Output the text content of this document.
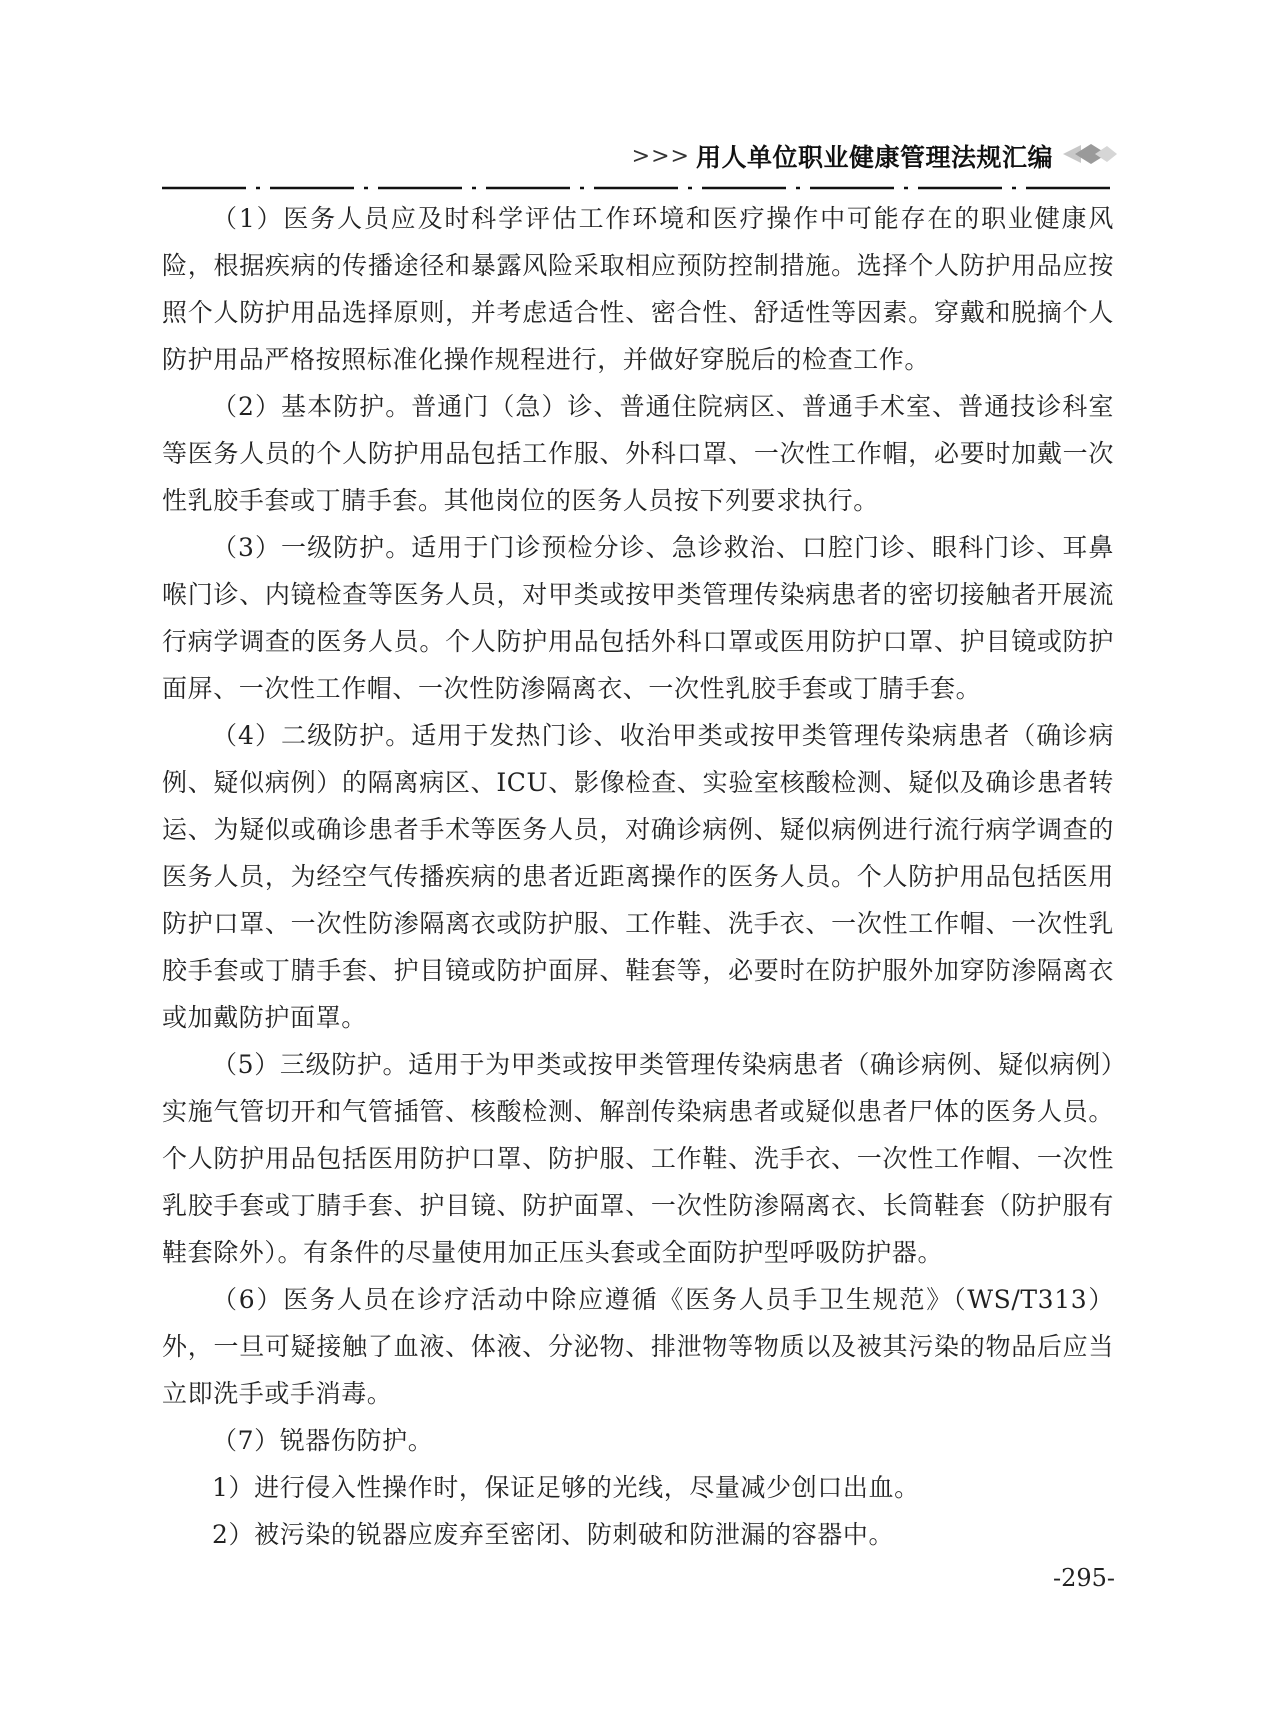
>>> 用人单位职业健康管理法规汇编

（1）医务人员应及时科学评估工作环境和医疗操作中可能存在的职业健康风险，根据疾病的传播途径和暴露风险采取相应预防控制措施。选择个人防护用品应按照个人防护用品选择原则，并考虑适合性、密合性、舒适性等因素。穿戴和脱摘个人防护用品严格按照标准化操作规程进行，并做好穿脱后的检查工作。

（2）基本防护。普通门（急）诊、普通住院病区、普通手术室、普通技诊科室等医务人员的个人防护用品包括工作服、外科口罩、一次性工作帽，必要时加戴一次性乳胶手套或丁腈手套。其他岗位的医务人员按下列要求执行。

（3）一级防护。适用于门诊预检分诊、急诊救治、口腔门诊、眼科门诊、耳鼻喉门诊、内镜检查等医务人员，对甲类或按甲类管理传染病患者的密切接触者开展流行病学调查的医务人员。个人防护用品包括外科口罩或医用防护口罩、护目镜或防护面屏、一次性工作帽、一次性防渗隔离衣、一次性乳胶手套或丁腈手套。

（4）二级防护。适用于发热门诊、收治甲类或按甲类管理传染病患者（确诊病例、疑似病例）的隔离病区、ICU、影像检查、实验室核酸检测、疑似及确诊患者转运、为疑似或确诊患者手术等医务人员，对确诊病例、疑似病例进行流行病学调查的医务人员，为经空气传播疾病的患者近距离操作的医务人员。个人防护用品包括医用防护口罩、一次性防渗隔离衣或防护服、工作鞋、洗手衣、一次性工作帽、一次性乳胶手套或丁腈手套、护目镜或防护面屏、鞋套等，必要时在防护服外加穿防渗隔离衣或加戴防护面罩。

（5）三级防护。适用于为甲类或按甲类管理传染病患者（确诊病例、疑似病例）实施气管切开和气管插管、核酸检测、解剖传染病患者或疑似患者尸体的医务人员。个人防护用品包括医用防护口罩、防护服、工作鞋、洗手衣、一次性工作帽、一次性乳胶手套或丁腈手套、护目镜、防护面罩、一次性防渗隔离衣、长筒鞋套（防护服有鞋套除外）。有条件的尽量使用加正压头套或全面防护型呼吸防护器。

（6）医务人员在诊疗活动中除应遵循《医务人员手卫生规范》（WS/T313）外，一旦可疑接触了血液、体液、分泌物、排泄物等物质以及被其污染的物品后应当立即洗手或手消毒。

（7）锐器伤防护。

1）进行侵入性操作时，保证足够的光线，尽量减少创口出血。

2）被污染的锐器应废弃至密闭、防刺破和防泄漏的容器中。

-295-
